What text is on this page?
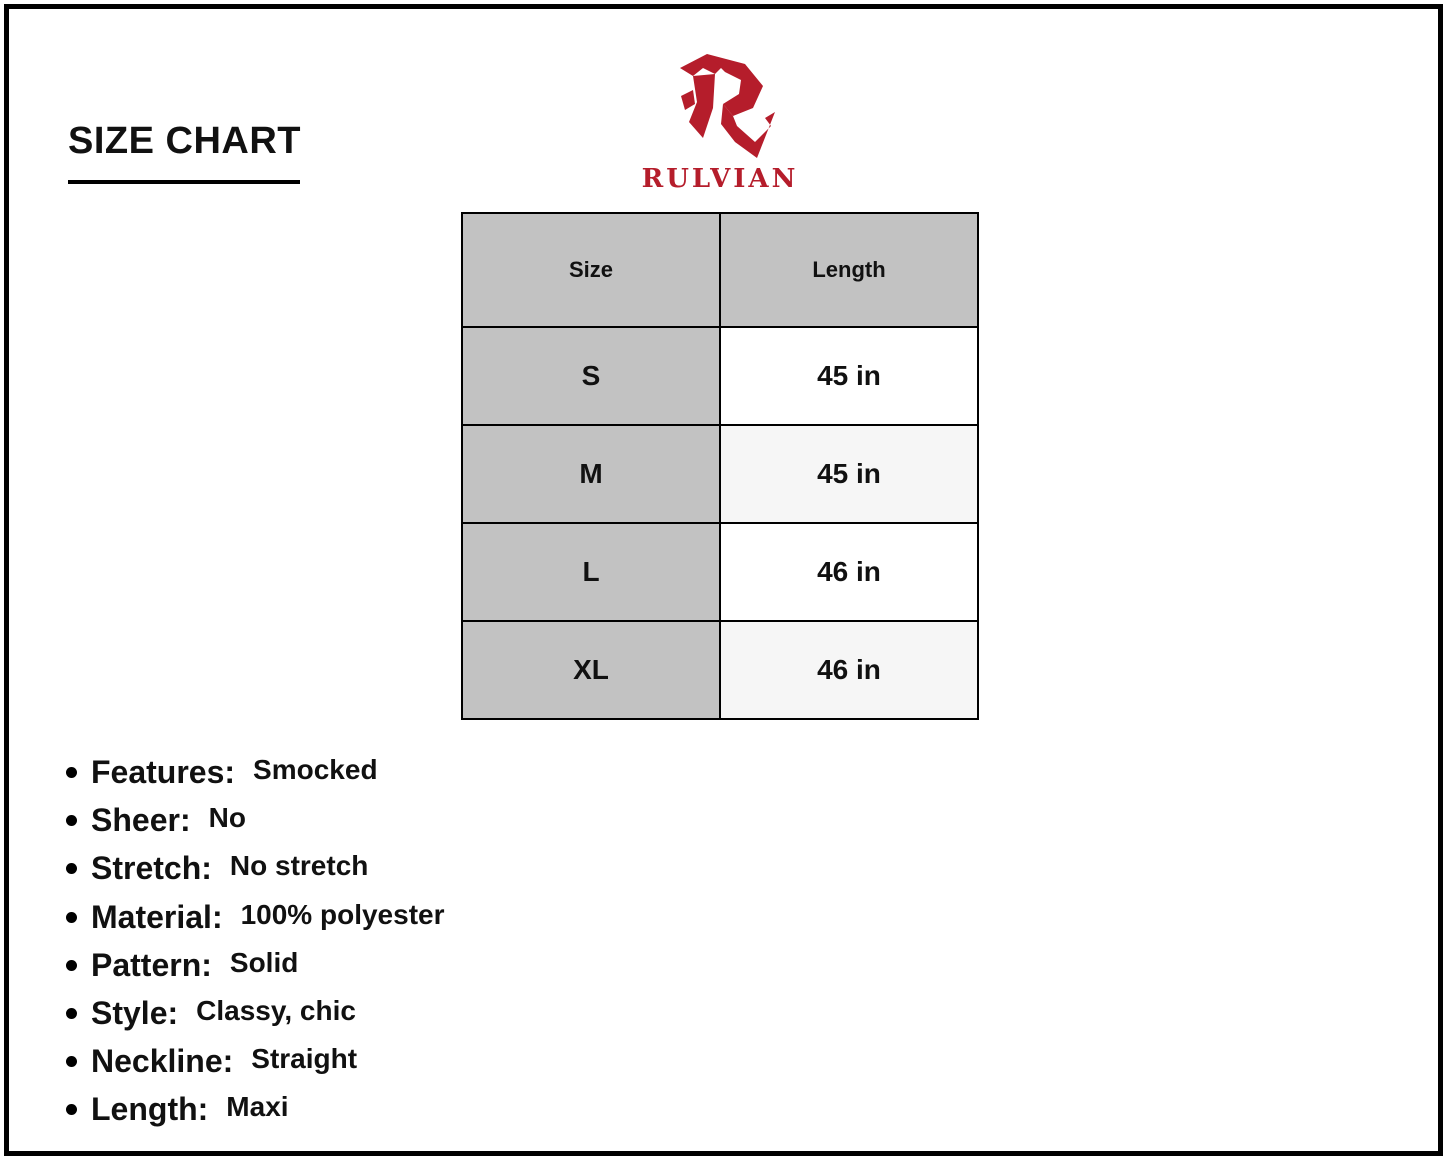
SIZE CHART
RULVIAN
Size	Length
S	45 in
M	45 in
L	46 in
XL	46 in
Features: Smocked
Sheer: No
Stretch: No stretch
Material: 100% polyester
Pattern: Solid
Style: Classy, chic
Neckline: Straight
Length: Maxi
